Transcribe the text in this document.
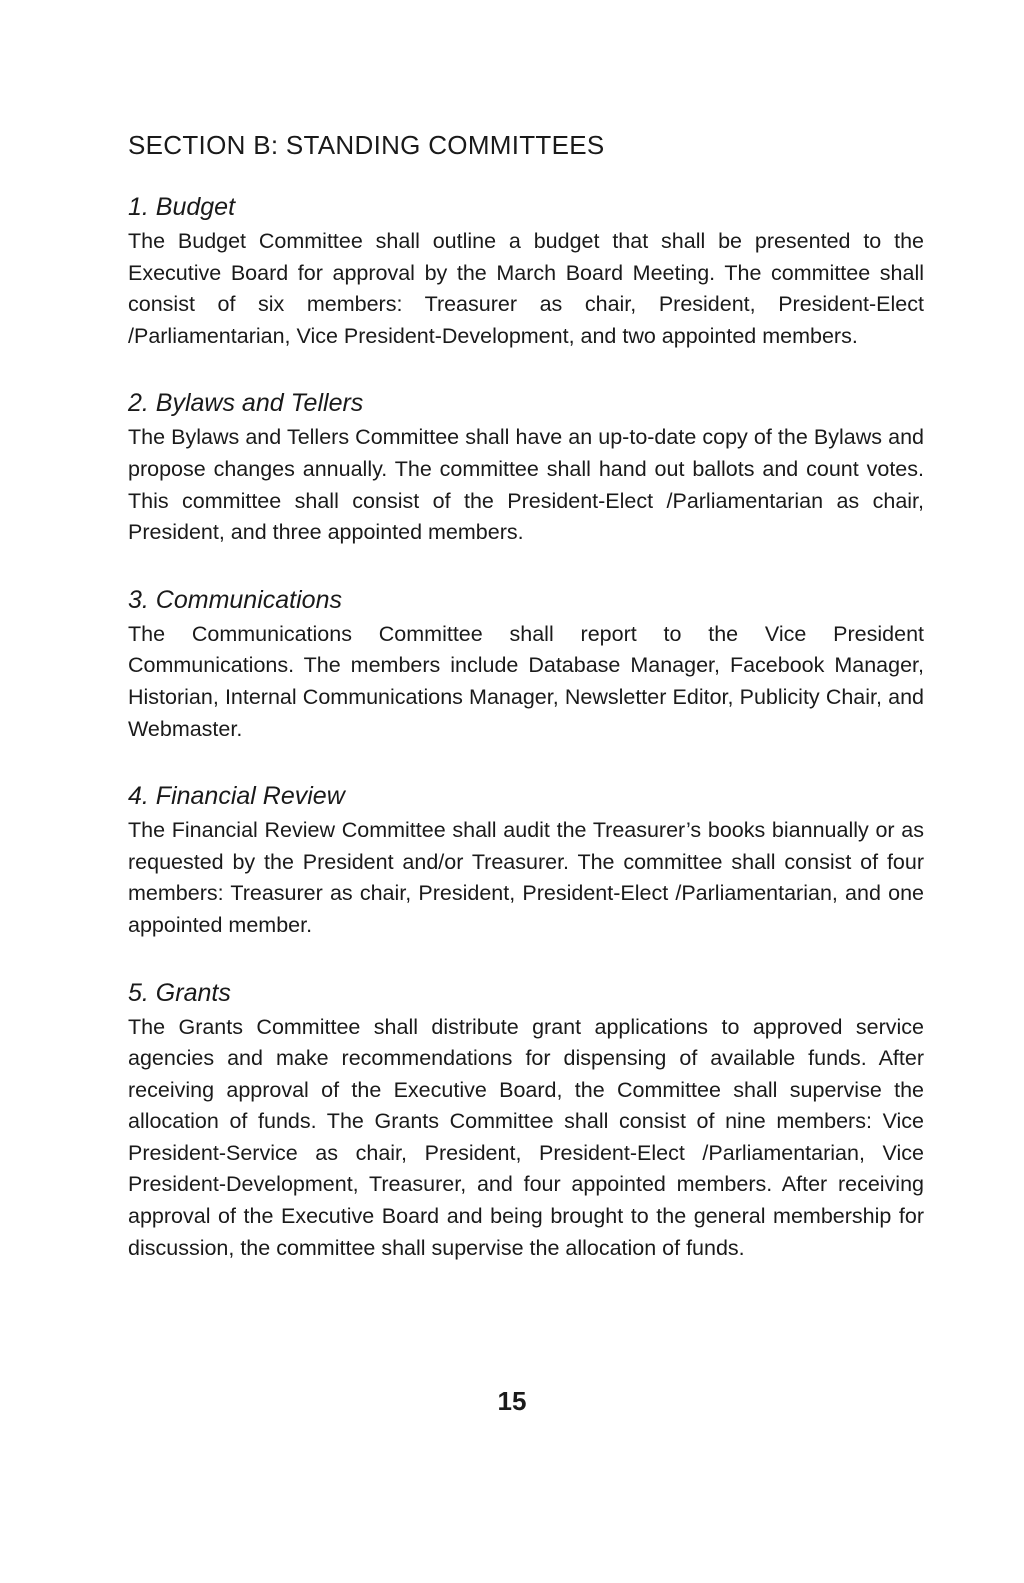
SECTION B: STANDING COMMITTEES
1. Budget

The Budget Committee shall outline a budget that shall be presented to the Executive Board for approval by the March Board Meeting. The committee shall consist of six members: Treasurer as chair, President, President-Elect /Parliamentarian, Vice President-Development, and two appointed members.

2. Bylaws and Tellers

The Bylaws and Tellers Committee shall have an up-to-date copy of the Bylaws and propose changes annually. The committee shall hand out ballots and count votes. This committee shall consist of the President-Elect /Parliamentarian as chair, President, and three appointed members.

3. Communications

The Communications Committee shall report to the Vice President Communications. The members include Database Manager, Facebook Manager, Historian, Internal Communications Manager, Newsletter Editor, Publicity Chair, and Webmaster.

4. Financial Review

The Financial Review Committee shall audit the Treasurer’s books biannually or as requested by the President and/or Treasurer. The committee shall consist of four members: Treasurer as chair, President, President-Elect /Parliamentarian, and one appointed member.

5. Grants

The Grants Committee shall distribute grant applications to approved service agencies and make recommendations for dispensing of available funds. After receiving approval of the Executive Board, the Committee shall supervise the allocation of funds. The Grants Committee shall consist of nine members: Vice President-Service as chair, President, President-Elect /Parliamentarian, Vice President-Development, Treasurer, and four appointed members. After receiving approval of the Executive Board and being brought to the general membership for discussion, the committee shall supervise the allocation of funds.

15
